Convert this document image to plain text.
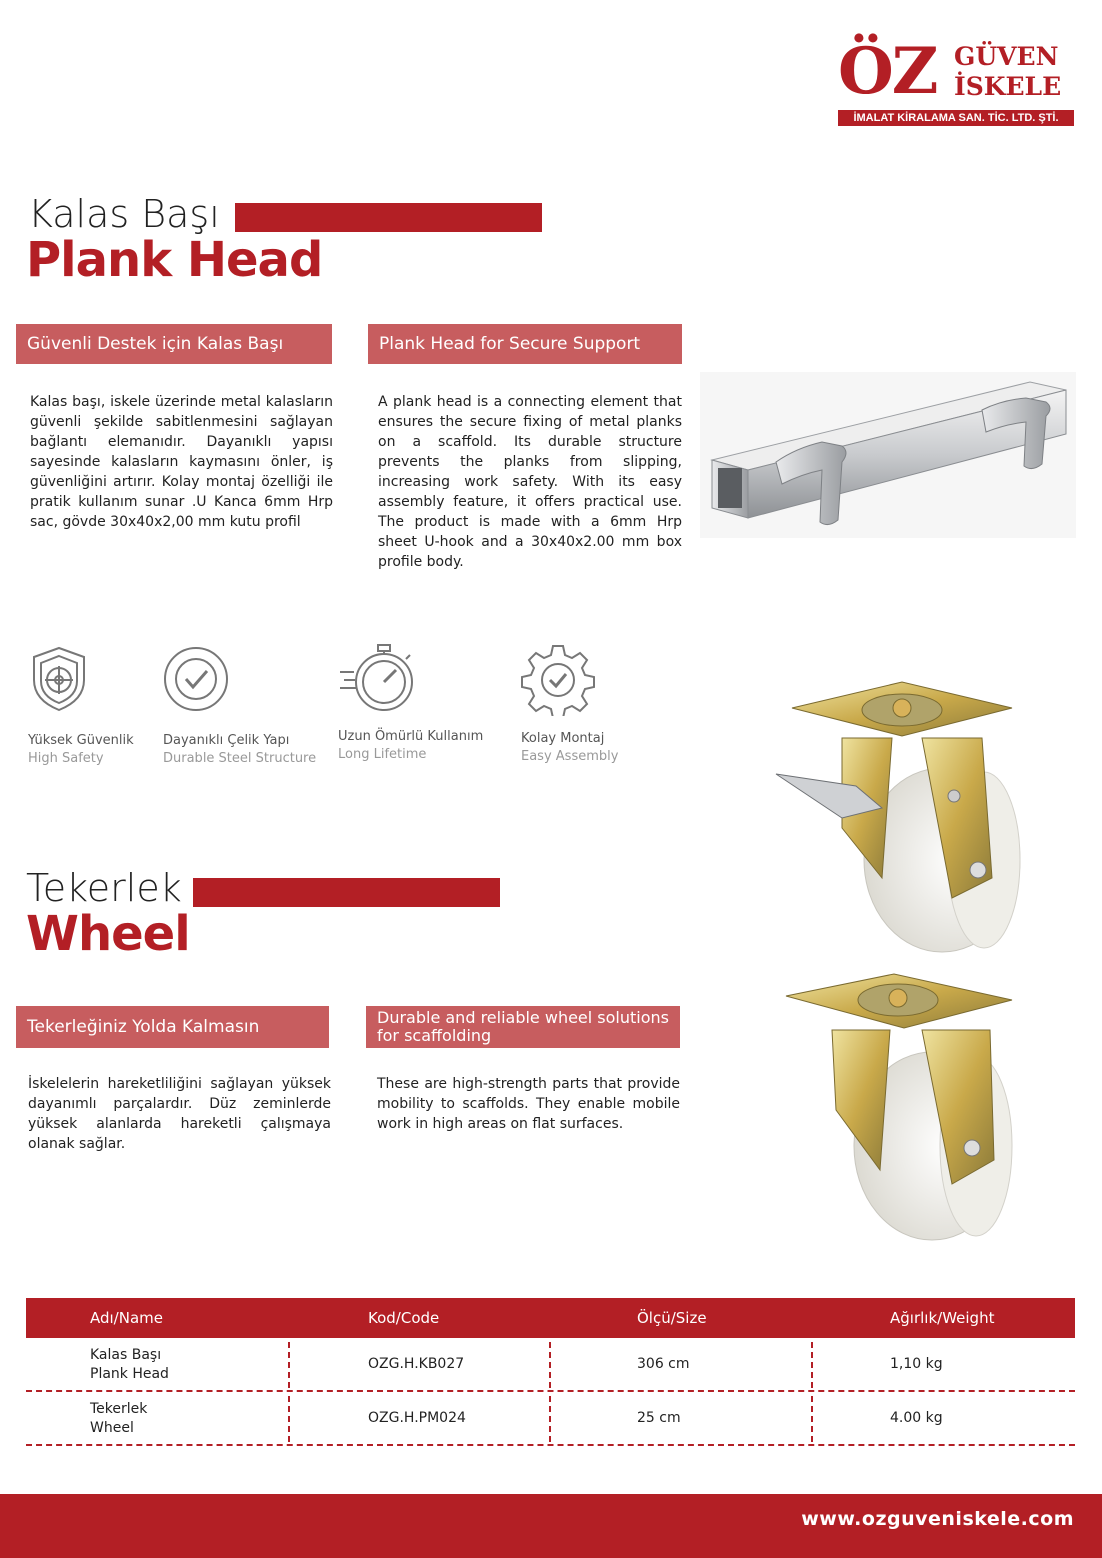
ÖZ GÜVEN
İSKELE
İMALAT KİRALAMA SAN. TİC. LTD. ŞTİ.
Kalas Başı
Plank Head
Güvenli Destek için Kalas Başı	Plank Head for Secure Support
Kalas başı, iskele üzerinde metal kalasların güvenli şekilde sabitlenmesini sağlayan bağlantı elemanıdır. Dayanıklı yapısı sayesinde kalasların kaymasını önler, iş güvenliğini artırır. Kolay montaj özelliği ile pratik kullanım sunar .U Kanca 6mm Hrp sac, gövde 30x40x2,00 mm kutu profil
A plank head is a connecting element that ensures the secure fixing of metal planks on a scaffold. Its durable structure prevents the planks from slipping, increasing work safety. With its easy assembly feature, it offers practical use. The product is made with a 6mm Hrp sheet U-hook and a 30x40x2.00 mm box profile body.
Yüksek Güvenlik
High Safety
Dayanıklı Çelik Yapı
Durable Steel Structure
Uzun Ömürlü Kullanım
Long Lifetime
Kolay Montaj
Easy Assembly
Tekerlek
Wheel
Tekerleğiniz Yolda Kalmasın	Durable and reliable wheel solutions for scaffolding
İskelelerin hareketliliğini sağlayan yüksek dayanımlı parçalardır. Düz zeminlerde yüksek alanlarda hareketli çalışmaya olanak sağlar.
These are high-strength parts that provide mobility to scaffolds. They enable mobile work in high areas on flat surfaces.
Adı/Name	Kod/Code	Ölçü/Size	Ağırlık/Weight
Kalas Başı
Plank Head
OZG.H.KB027	306 cm	1,10 kg
Tekerlek
Wheel
OZG.H.PM024	25 cm	4.00 kg
www.ozguveniskele.com
